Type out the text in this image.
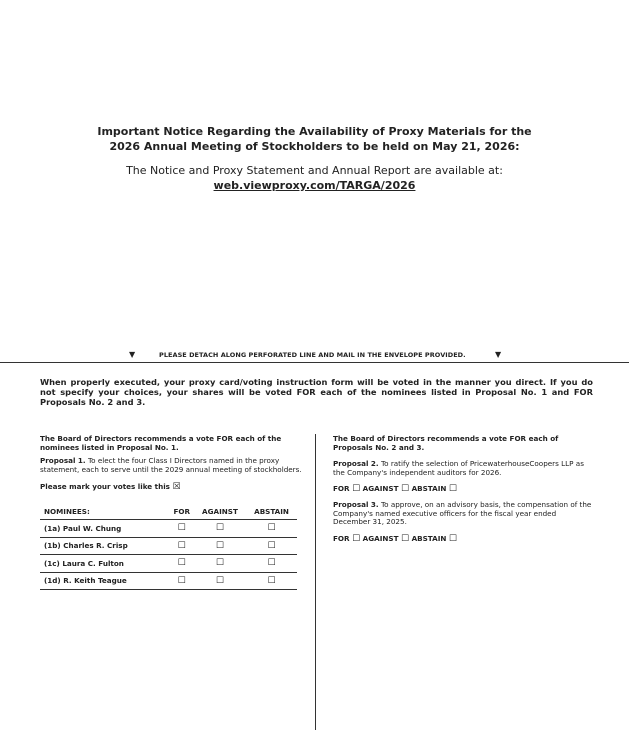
Important Notice Regarding the Availability of Proxy Materials for the
2026 Annual Meeting of Stockholders to be held on May 21, 2026:
The Notice and Proxy Statement and Annual Report are available at:
web.viewproxy.com/TARGA/2026
▼	PLEASE DETACH ALONG PERFORATED LINE AND MAIL IN THE ENVELOPE PROVIDED.	▼
When properly executed, your proxy card/voting instruction form will be voted in the manner you direct. If you do not specify your choices, your shares will be voted FOR each of the nominees listed in Proposal No. 1 and FOR Proposals No. 2 and 3.
The Board of Directors recommends a vote FOR each of the nominees listed in Proposal No. 1.
Proposal 1. To elect the four Class I Directors named in the proxy statement, each to serve until the 2029 annual meeting of stockholders.
Please mark your votes like this ☒
NOMINEES:	FOR	AGAINST	ABSTAIN
(1a) Paul W. Chung	☐	☐	☐
(1b) Charles R. Crisp	☐	☐	☐
(1c) Laura C. Fulton	☐	☐	☐
(1d) R. Keith Teague	☐	☐	☐
The Board of Directors recommends a vote FOR each of Proposals No. 2 and 3.
Proposal 2. To ratify the selection of PricewaterhouseCoopers LLP as the Company's independent auditors for 2026.
FOR ☐ AGAINST ☐ ABSTAIN ☐
Proposal 3. To approve, on an advisory basis, the compensation of the Company's named executive officers for the fiscal year ended December 31, 2025.
FOR ☐ AGAINST ☐ ABSTAIN ☐
